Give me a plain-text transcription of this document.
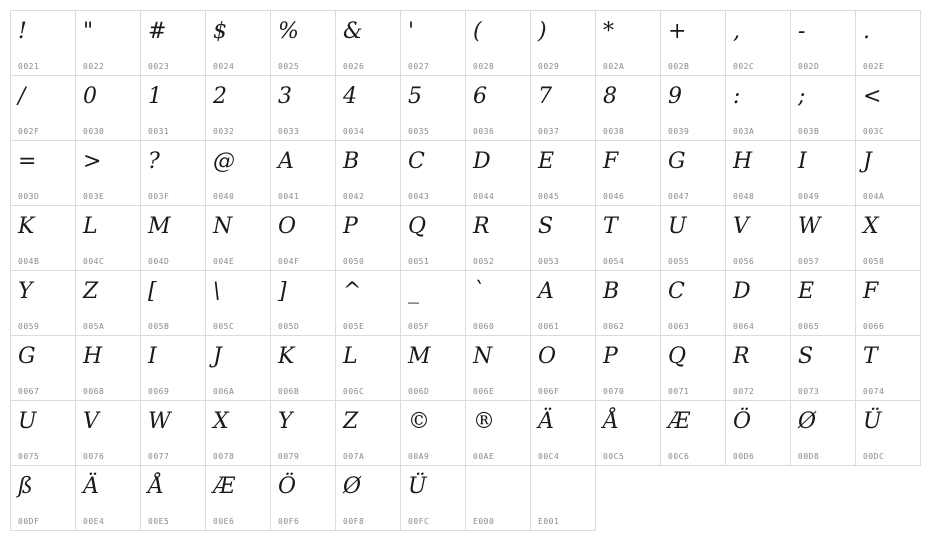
!
0021
"
0022
#
0023
$
0024
%
0025
&
0026
'
0027
(
0028
)
0029
*
002A
+
002B
,
002C
-
002D
.
002E
/
002F
0
0030
1
0031
2
0032
3
0033
4
0034
5
0035
6
0036
7
0037
8
0038
9
0039
:
003A
;
003B
<
003C
=
003D
>
003E
?
003F
@
0040
A
0041
B
0042
C
0043
D
0044
E
0045
F
0046
G
0047
H
0048
I
0049
J
004A
K
004B
L
004C
M
004D
N
004E
O
004F
P
0050
Q
0051
R
0052
S
0053
T
0054
U
0055
V
0056
W
0057
X
0058
Y
0059
Z
005A
[
005B
\
005C
]
005D
^
005E
_
005F
`
0060
A
0061
B
0062
C
0063
D
0064
E
0065
F
0066
G
0067
H
0068
I
0069
J
006A
K
006B
L
006C
M
006D
N
006E
O
006F
P
0070
Q
0071
R
0072
S
0073
T
0074
U
0075
V
0076
W
0077
X
0078
Y
0079
Z
007A
©
00A9
®
00AE
Ä
00C4
Å
00C5
Æ
00C6
Ö
00D6
Ø
00D8
Ü
00DC
ß
00DF
Ä
00E4
Å
00E5
Æ
00E6
Ö
00F6
Ø
00F8
Ü
00FC	E000	E001
